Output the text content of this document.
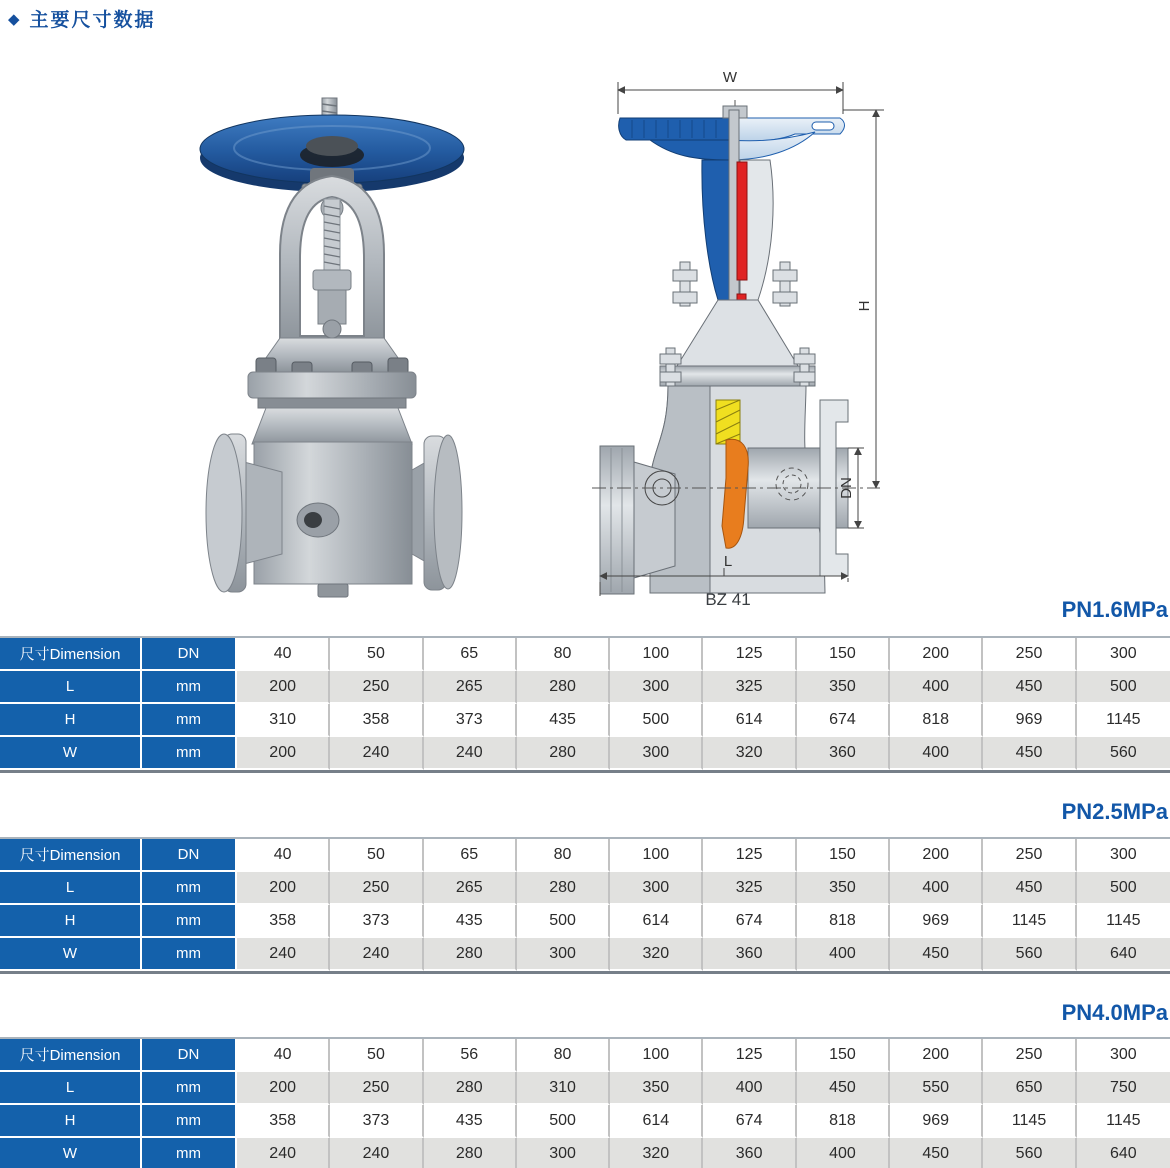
◆ 主要尺寸数据
W
H
DN
L
BZ 41	PN1.6MPa
PN2.5MPa
PN4.0MPa
尺寸Dimension	DN	40	50	65	80	100	125	150	200	250	300
L	mm	200	250	265	280	300	325	350	400	450	500
H	mm	310	358	373	435	500	614	674	818	969	1145
W	mm	200	240	240	280	300	320	360	400	450	560
尺寸Dimension	DN	40	50	65	80	100	125	150	200	250	300
L	mm	200	250	265	280	300	325	350	400	450	500
H	mm	358	373	435	500	614	674	818	969	1145	1145
W	mm	240	240	280	300	320	360	400	450	560	640
尺寸Dimension	DN	40	50	56	80	100	125	150	200	250	300
L	mm	200	250	280	310	350	400	450	550	650	750
H	mm	358	373	435	500	614	674	818	969	1145	1145
W	mm	240	240	280	300	320	360	400	450	560	640
